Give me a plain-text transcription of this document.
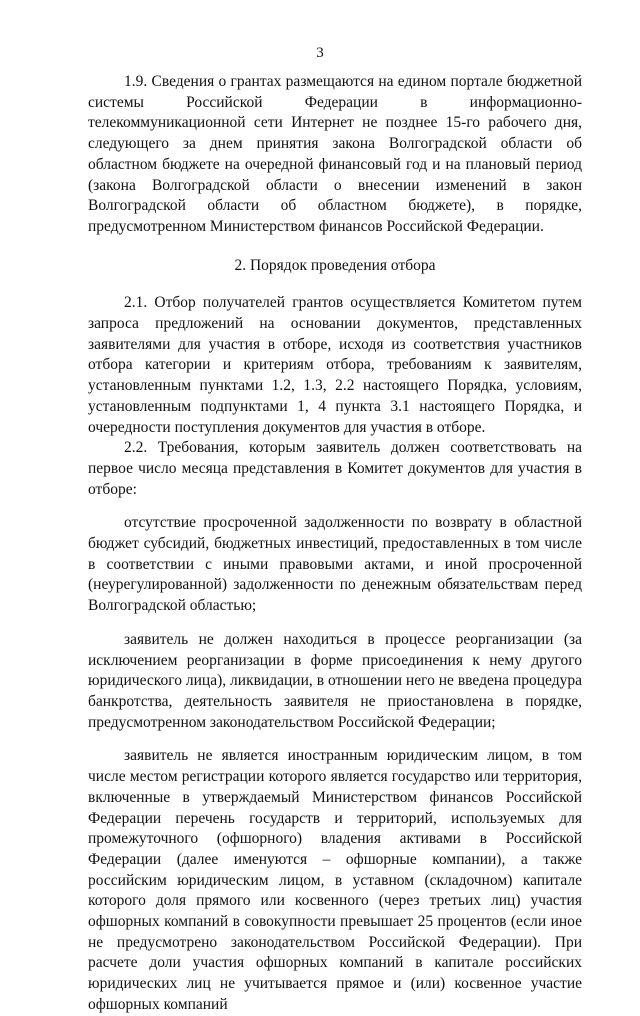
3

1.9. Сведения о грантах размещаются на едином портале бюджетной системы Российской Федерации в информационно-телекоммуникационной сети Интернет не позднее 15-го рабочего дня, следующего за днем принятия закона Волгоградской области об областном бюджете на очередной финансовый год и на плановый период (закона Волгоградской области о внесении изменений в закон Волгоградской области об областном бюджете), в порядке, предусмотренном Министерством финансов Российской Федерации.

2. Порядок проведения отбора

2.1. Отбор получателей грантов осуществляется Комитетом путем запроса предложений на основании документов, представленных заявителями для участия в отборе, исходя из соответствия участников отбора категории и критериям отбора, требованиям к заявителям, установленным пунктами 1.2, 1.3, 2.2 настоящего Порядка, условиям, установленным подпунктами 1, 4 пункта 3.1 настоящего Порядка, и очередности поступления документов для участия в отборе.

2.2. Требования, которым заявитель должен соответствовать на первое число месяца представления в Комитет документов для участия в отборе:

отсутствие просроченной задолженности по возврату в областной бюджет субсидий, бюджетных инвестиций, предоставленных в том числе в соответствии с иными правовыми актами, и иной просроченной (неурегулированной) задолженности по денежным обязательствам перед Волгоградской областью;

заявитель не должен находиться в процессе реорганизации (за исключением реорганизации в форме присоединения к нему другого юридического лица), ликвидации, в отношении него не введена процедура банкротства, деятельность заявителя не приостановлена в порядке, предусмотренном законодательством Российской Федерации;

заявитель не является иностранным юридическим лицом, в том числе местом регистрации которого является государство или территория, включенные в утверждаемый Министерством финансов Российской Федерации перечень государств и территорий, используемых для промежуточного (офшорного) владения активами в Российской Федерации (далее именуются – офшорные компании), а также российским юридическим лицом, в уставном (складочном) капитале которого доля прямого или косвенного (через третьих лиц) участия офшорных компаний в совокупности превышает 25 процентов (если иное не предусмотрено законодательством Российской Федерации). При расчете доли участия офшорных компаний в капитале российских юридических лиц не учитывается прямое и (или) косвенное участие офшорных компаний
